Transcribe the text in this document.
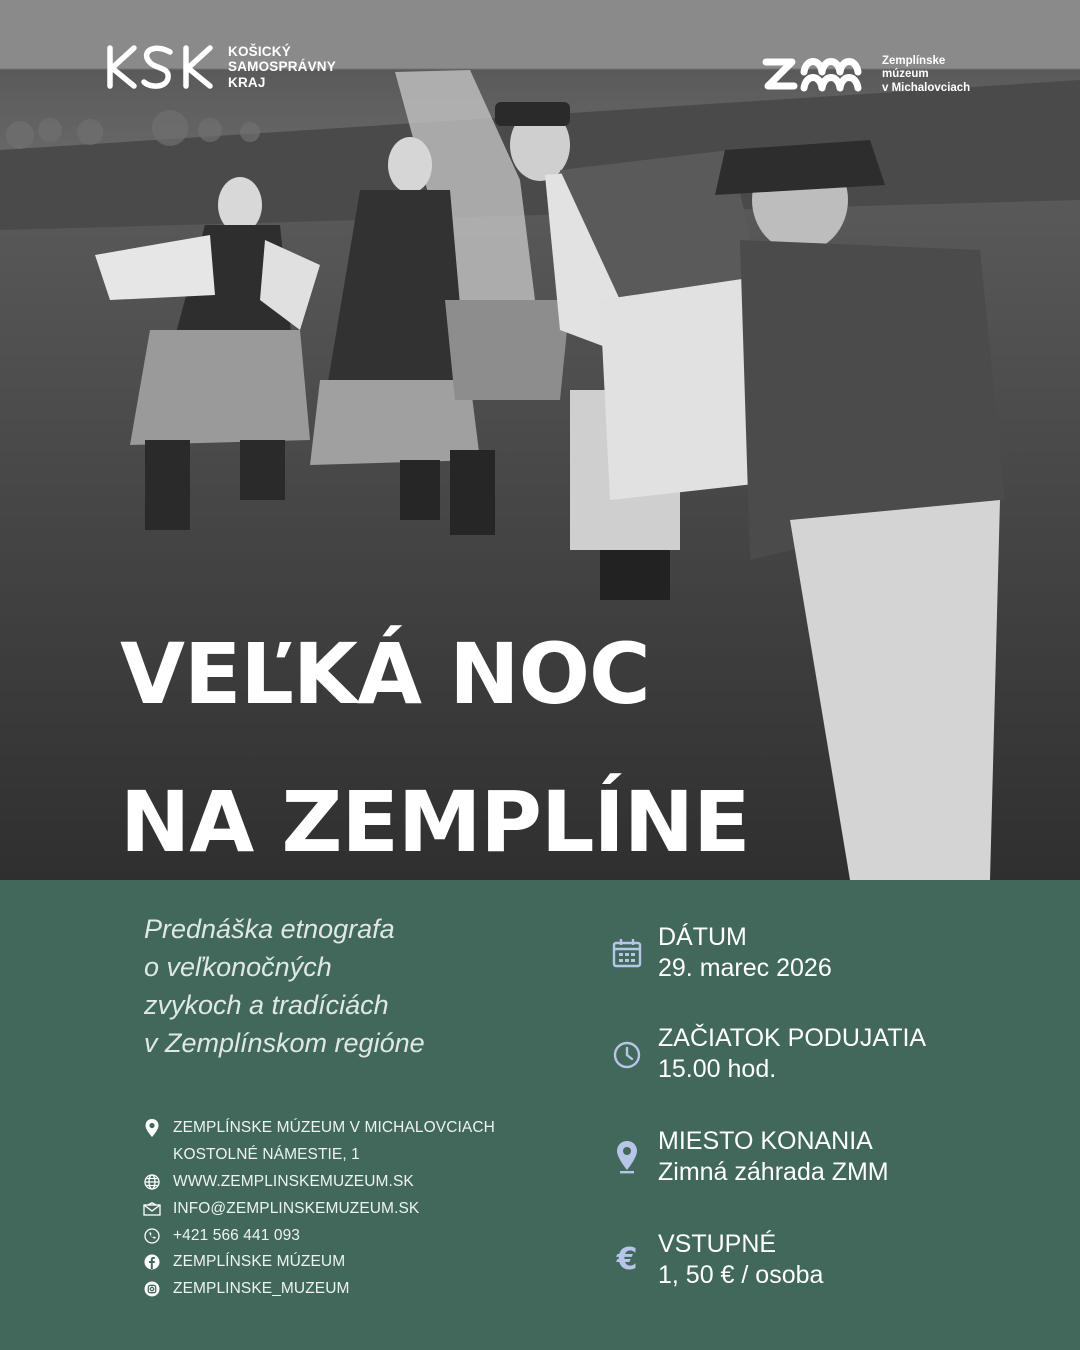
KOŠICKÝ
SAMOSPRÁVNY
KRAJ
Zemplínske
múzeum
v Michalovciach
VEĽKÁ NOC
NA ZEMPLÍNE
Prednáška etnografa
o veľkonočných
zvykoch a tradíciách
v Zemplínskom regióne
ZEMPLÍNSKE MÚZEUM V MICHALOVCIACH
KOSTOLNÉ NÁMESTIE, 1
WWW.ZEMPLINSKEMUZEUM.SK
INFO@ZEMPLINSKEMUZEUM.SK
+421 566 441 093
ZEMPLÍNSKE MÚZEUM
ZEMPLINSKE_MUZEUM
DÁTUM
29. marec 2026
ZAČIATOK PODUJATIA
15.00 hod.
MIESTO KONANIA
Zimná záhrada ZMM
€ VSTUPNÉ
1, 50 € / osoba
